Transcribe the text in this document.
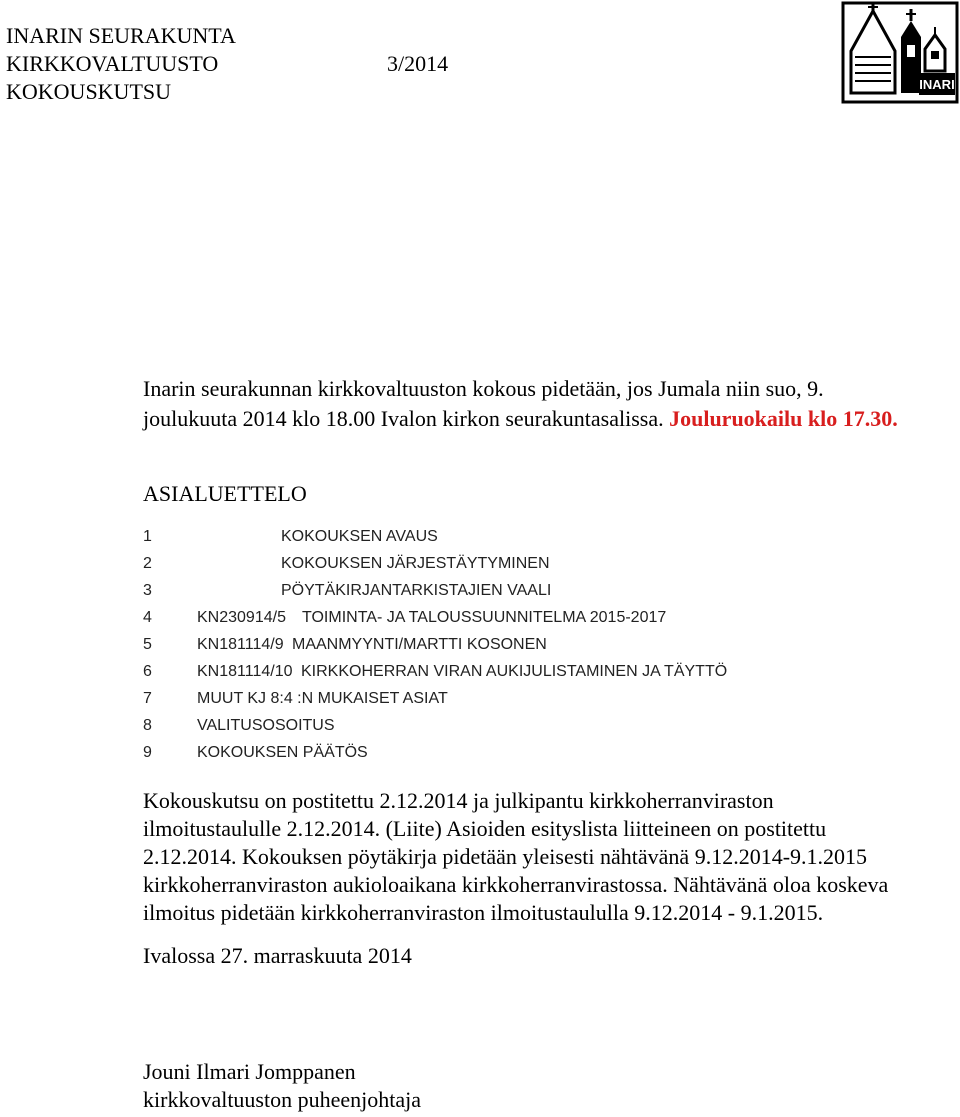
INARIN SEURAKUNTA
KIRKKOVALTUUSTO	3/2014
KOKOUSKUTSU	INARI
Inarin seurakunnan kirkkovaltuuston kokous pidetään, jos Jumala niin suo, 9. joulukuuta 2014 klo 18.00 Ivalon kirkon seurakuntasalissa. Jouluruokailu klo 17.30.
ASIALUETTELO
1	KOKOUKSEN AVAUS
2	KOKOUKSEN JÄRJESTÄYTYMINEN
3	PÖYTÄKIRJANTARKISTAJIEN VAALI
4	KN230914/5 TOIMINTA- JA TALOUSSUUNNITELMA 2015-2017
5	KN181114/9 MAANMYYNTI/MARTTI KOSONEN
6	KN181114/10 KIRKKOHERRAN VIRAN AUKIJULISTAMINEN JA TÄYTTÖ
7	MUUT KJ 8:4 :N MUKAISET ASIAT
8	VALITUSOSOITUS
9	KOKOUKSEN PÄÄTÖS
Kokouskutsu on postitettu 2.12.2014 ja julkipantu kirkkoherranviraston
ilmoitustaululle 2.12.2014. (Liite) Asioiden esityslista liitteineen on postitettu
2.12.2014. Kokouksen pöytäkirja pidetään yleisesti nähtävänä 9.12.2014-9.1.2015
kirkkoherranviraston aukioloaikana kirkkoherranvirastossa. Nähtävänä oloa koskeva
ilmoitus pidetään kirkkoherranviraston ilmoitustaululla 9.12.2014 - 9.1.2015.
Ivalossa 27. marraskuuta 2014
Jouni Ilmari Jomppanen
kirkkovaltuuston puheenjohtaja
